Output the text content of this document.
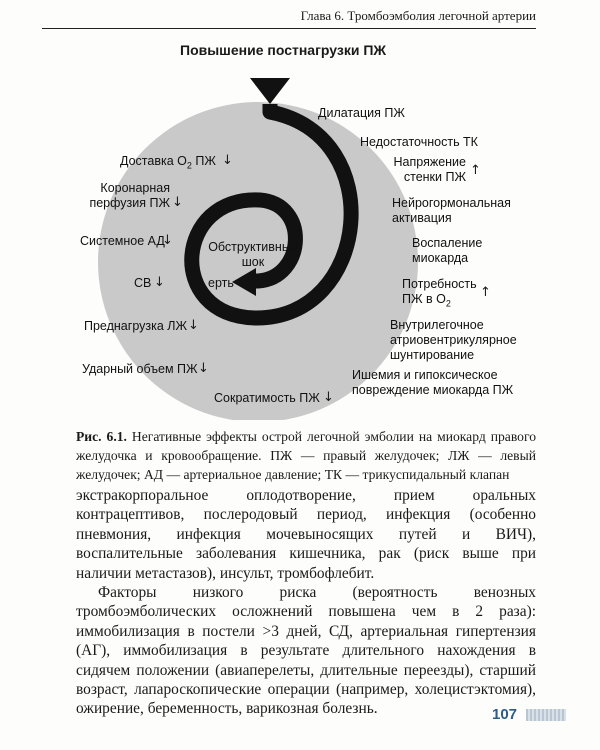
Глава 6. Тромбоэмболия легочной артерии
Повышение постнагрузки ПЖ
Дилатация ПЖ
Недостаточность ТК
Напряжение
стенки ПЖ ↑
Нейрогормональная
активация
Воспаление
миокарда
Потребность
ПЖ в $О_2$
↑
Внутрилегочное
атриовентрикулярное
шунтирование
Ишемия и гипоксическое
повреждение миокарда ПЖ
Сократимость ПЖ ↓
Ударный объем ПЖ ↓
Преднагрузка ЛЖ ↓
СВ ↓
Системное АД
↓
Коронарная
перфузия ПЖ ↓
Доставка $О_2$ ПЖ ↓
Обструктивный
шок
ерть
Рис. 6.1. Негативные эффекты острой легочной эмболии на миокард правого желудочка и кровообращение. ПЖ — правый желудочек; ЛЖ — левый желудочек; АД — артериальное давление; ТК — трикуспидальный клапан

экстракорпоральное оплодотворение, прием оральных контрацептивов, послеродовый период, инфекция (особенно пневмония, инфекция мочевыносящих путей и ВИЧ), воспалительные заболевания кишечника, рак (риск выше при наличии метастазов), инсульт, тромбофлебит.

Факторы низкого риска (вероятность венозных тромбоэмболических осложнений повышена чем в 2 раза): иммобилизация в постели >3 дней, СД, артериальная гипертензия (АГ), иммобилизация в результате длительного нахождения в сидячем положении (авиаперелеты, длительные переезды), старший возраст, лапароскопические операции (например, холецистэктомия), ожирение, беременность, варикозная болезнь.	107
